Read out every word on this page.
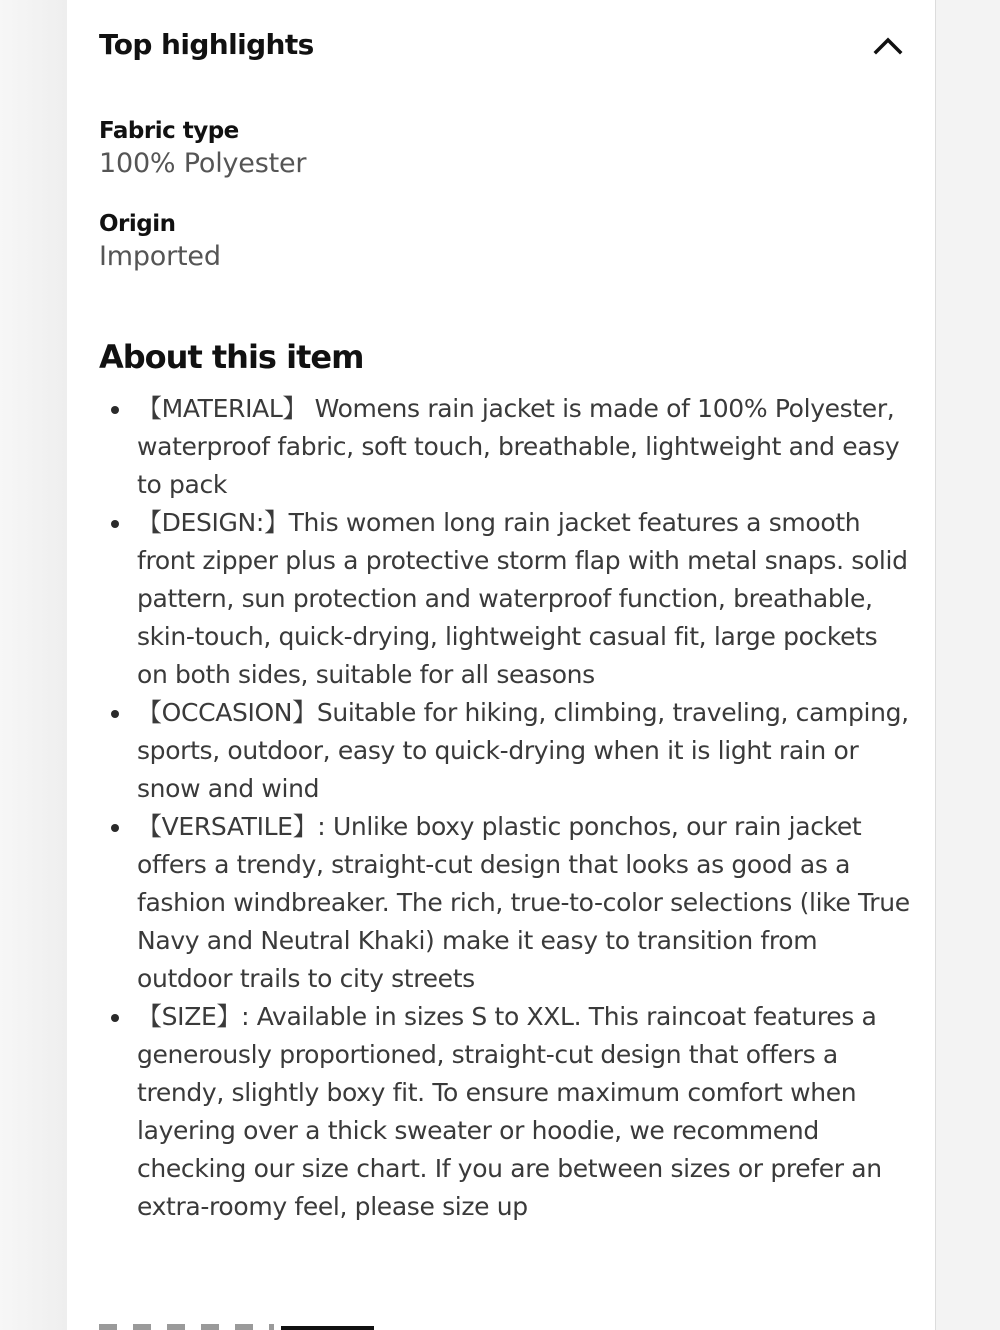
Top highlights
Fabric type
100% Polyester
Origin
Imported
About this item
【MATERIAL】 Womens rain jacket is made of 100% Polyester, waterproof fabric, soft touch, breathable, lightweight and easy to pack
【DESIGN:】This women long rain jacket features a smooth front zipper plus a protective storm flap with metal snaps. solid pattern, sun protection and waterproof function, breathable, skin-touch, quick-drying, lightweight casual fit, large pockets on both sides, suitable for all seasons
【OCCASION】Suitable for hiking, climbing, traveling, camping, sports, outdoor, easy to quick-drying when it is light rain or snow and wind
【VERSATILE】: Unlike boxy plastic ponchos, our rain jacket offers a trendy, straight-cut design that looks as good as a fashion windbreaker. The rich, true-to-color selections (like True Navy and Neutral Khaki) make it easy to transition from outdoor trails to city streets
【SIZE】: Available in sizes S to XXL. This raincoat features a generously proportioned, straight-cut design that offers a trendy, slightly boxy fit. To ensure maximum comfort when layering over a thick sweater or hoodie, we recommend checking our size chart. If you are between sizes or prefer an extra-roomy feel, please size up
